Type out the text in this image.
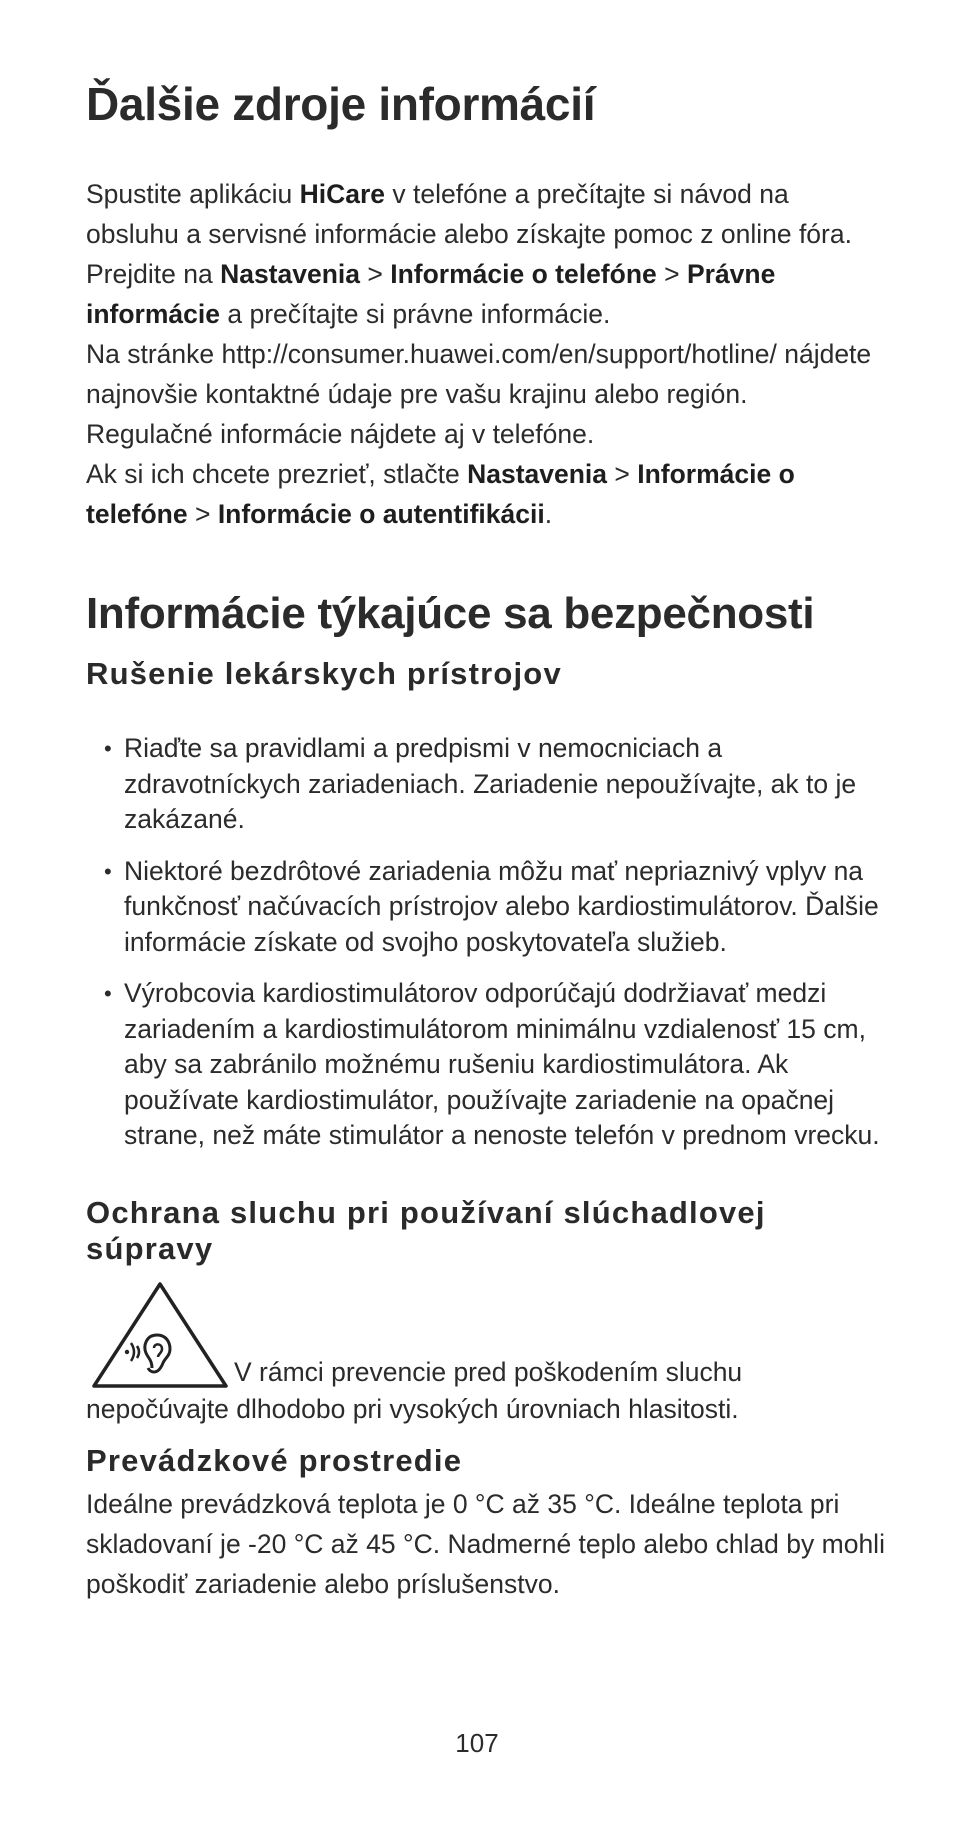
Ďalšie zdroje informácií

Spustite aplikáciu HiCare v telefóne a prečítajte si návod na obsluhu a servisné informácie alebo získajte pomoc z online fóra.
Prejdite na Nastavenia > Informácie o telefóne > Právne informácie a prečítajte si právne informácie.
Na stránke http://consumer.huawei.com/en/support/hotline/ nájdete najnovšie kontaktné údaje pre vašu krajinu alebo región.
Regulačné informácie nájdete aj v telefóne.
Ak si ich chcete prezrieť, stlačte Nastavenia > Informácie o telefóne > Informácie o autentifikácii.

Informácie týkajúce sa bezpečnosti
Rušenie lekárskych prístrojov
• Riaďte sa pravidlami a predpismi v nemocniciach a zdravotníckych zariadeniach. Zariadenie nepoužívajte, ak to je zakázané.
• Niektoré bezdrôtové zariadenia môžu mať nepriaznivý vplyv na funkčnosť načúvacích prístrojov alebo kardiostimulátorov. Ďalšie informácie získate od svojho poskytovateľa služieb.
• Výrobcovia kardiostimulátorov odporúčajú dodržiavať medzi zariadením a kardiostimulátorom minimálnu vzdialenosť 15 cm, aby sa zabránilo možnému rušeniu kardiostimulátora. Ak používate kardiostimulátor, používajte zariadenie na opačnej strane, než máte stimulátor a nenoste telefón v prednom vrecku.
Ochrana sluchu pri používaní slúchadlovej súpravy

V rámci prevencie pred poškodením sluchu nepočúvajte dlhodobo pri vysokých úrovniach hlasitosti.

Prevádzkové prostredie

Ideálne prevádzková teplota je 0 °C až 35 °C. Ideálne teplota pri skladovaní je -20 °C až 45 °C. Nadmerné teplo alebo chlad by mohli poškodiť zariadenie alebo príslušenstvo.

107
